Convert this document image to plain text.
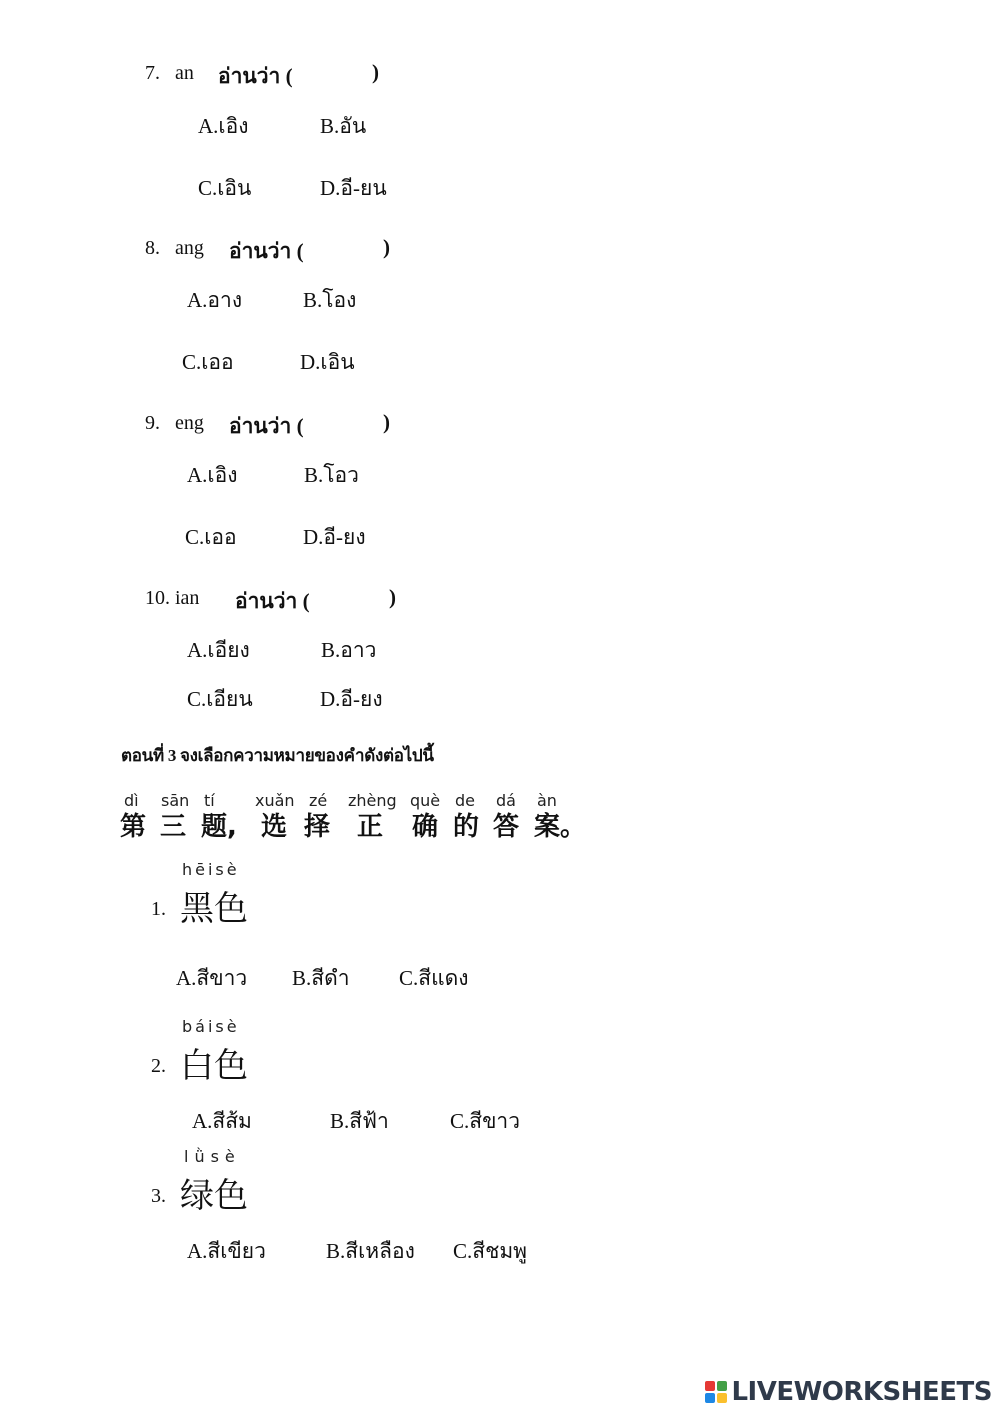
7. an อ่านว่า (	)
A.เอิง	B.อัน
C.เอิน	D.อี-ยน
8. ang อ่านว่า (	)
A.อาง	B.โอง
C.เออ	D.เอิน
9. eng อ่านว่า (	)
A.เอิง	B.โอว
C.เออ	D.อี-ยง
10. ian อ่านว่า (	)
A.เอียง	B.อาว
C.เอียน	D.อี-ยง
ตอนที่ 3 จงเลือกความหมายของคำดังต่อไปนี้
dì sān tí	xuǎn zé zhèng què de dá àn
第 三 题, 选 择 正 确 的 答 案。
hēisè
1. 黑色
A.สีขาว B.สีดำ C.สีแดง
báisè
2. 白色
A.สีส้ม	B.สีฟ้า	C.สีขาว
lǜsè
3. 绿色
A.สีเขียว	B.สีเหลือง C.สีชมพู
LIVEWORKSHEETS
